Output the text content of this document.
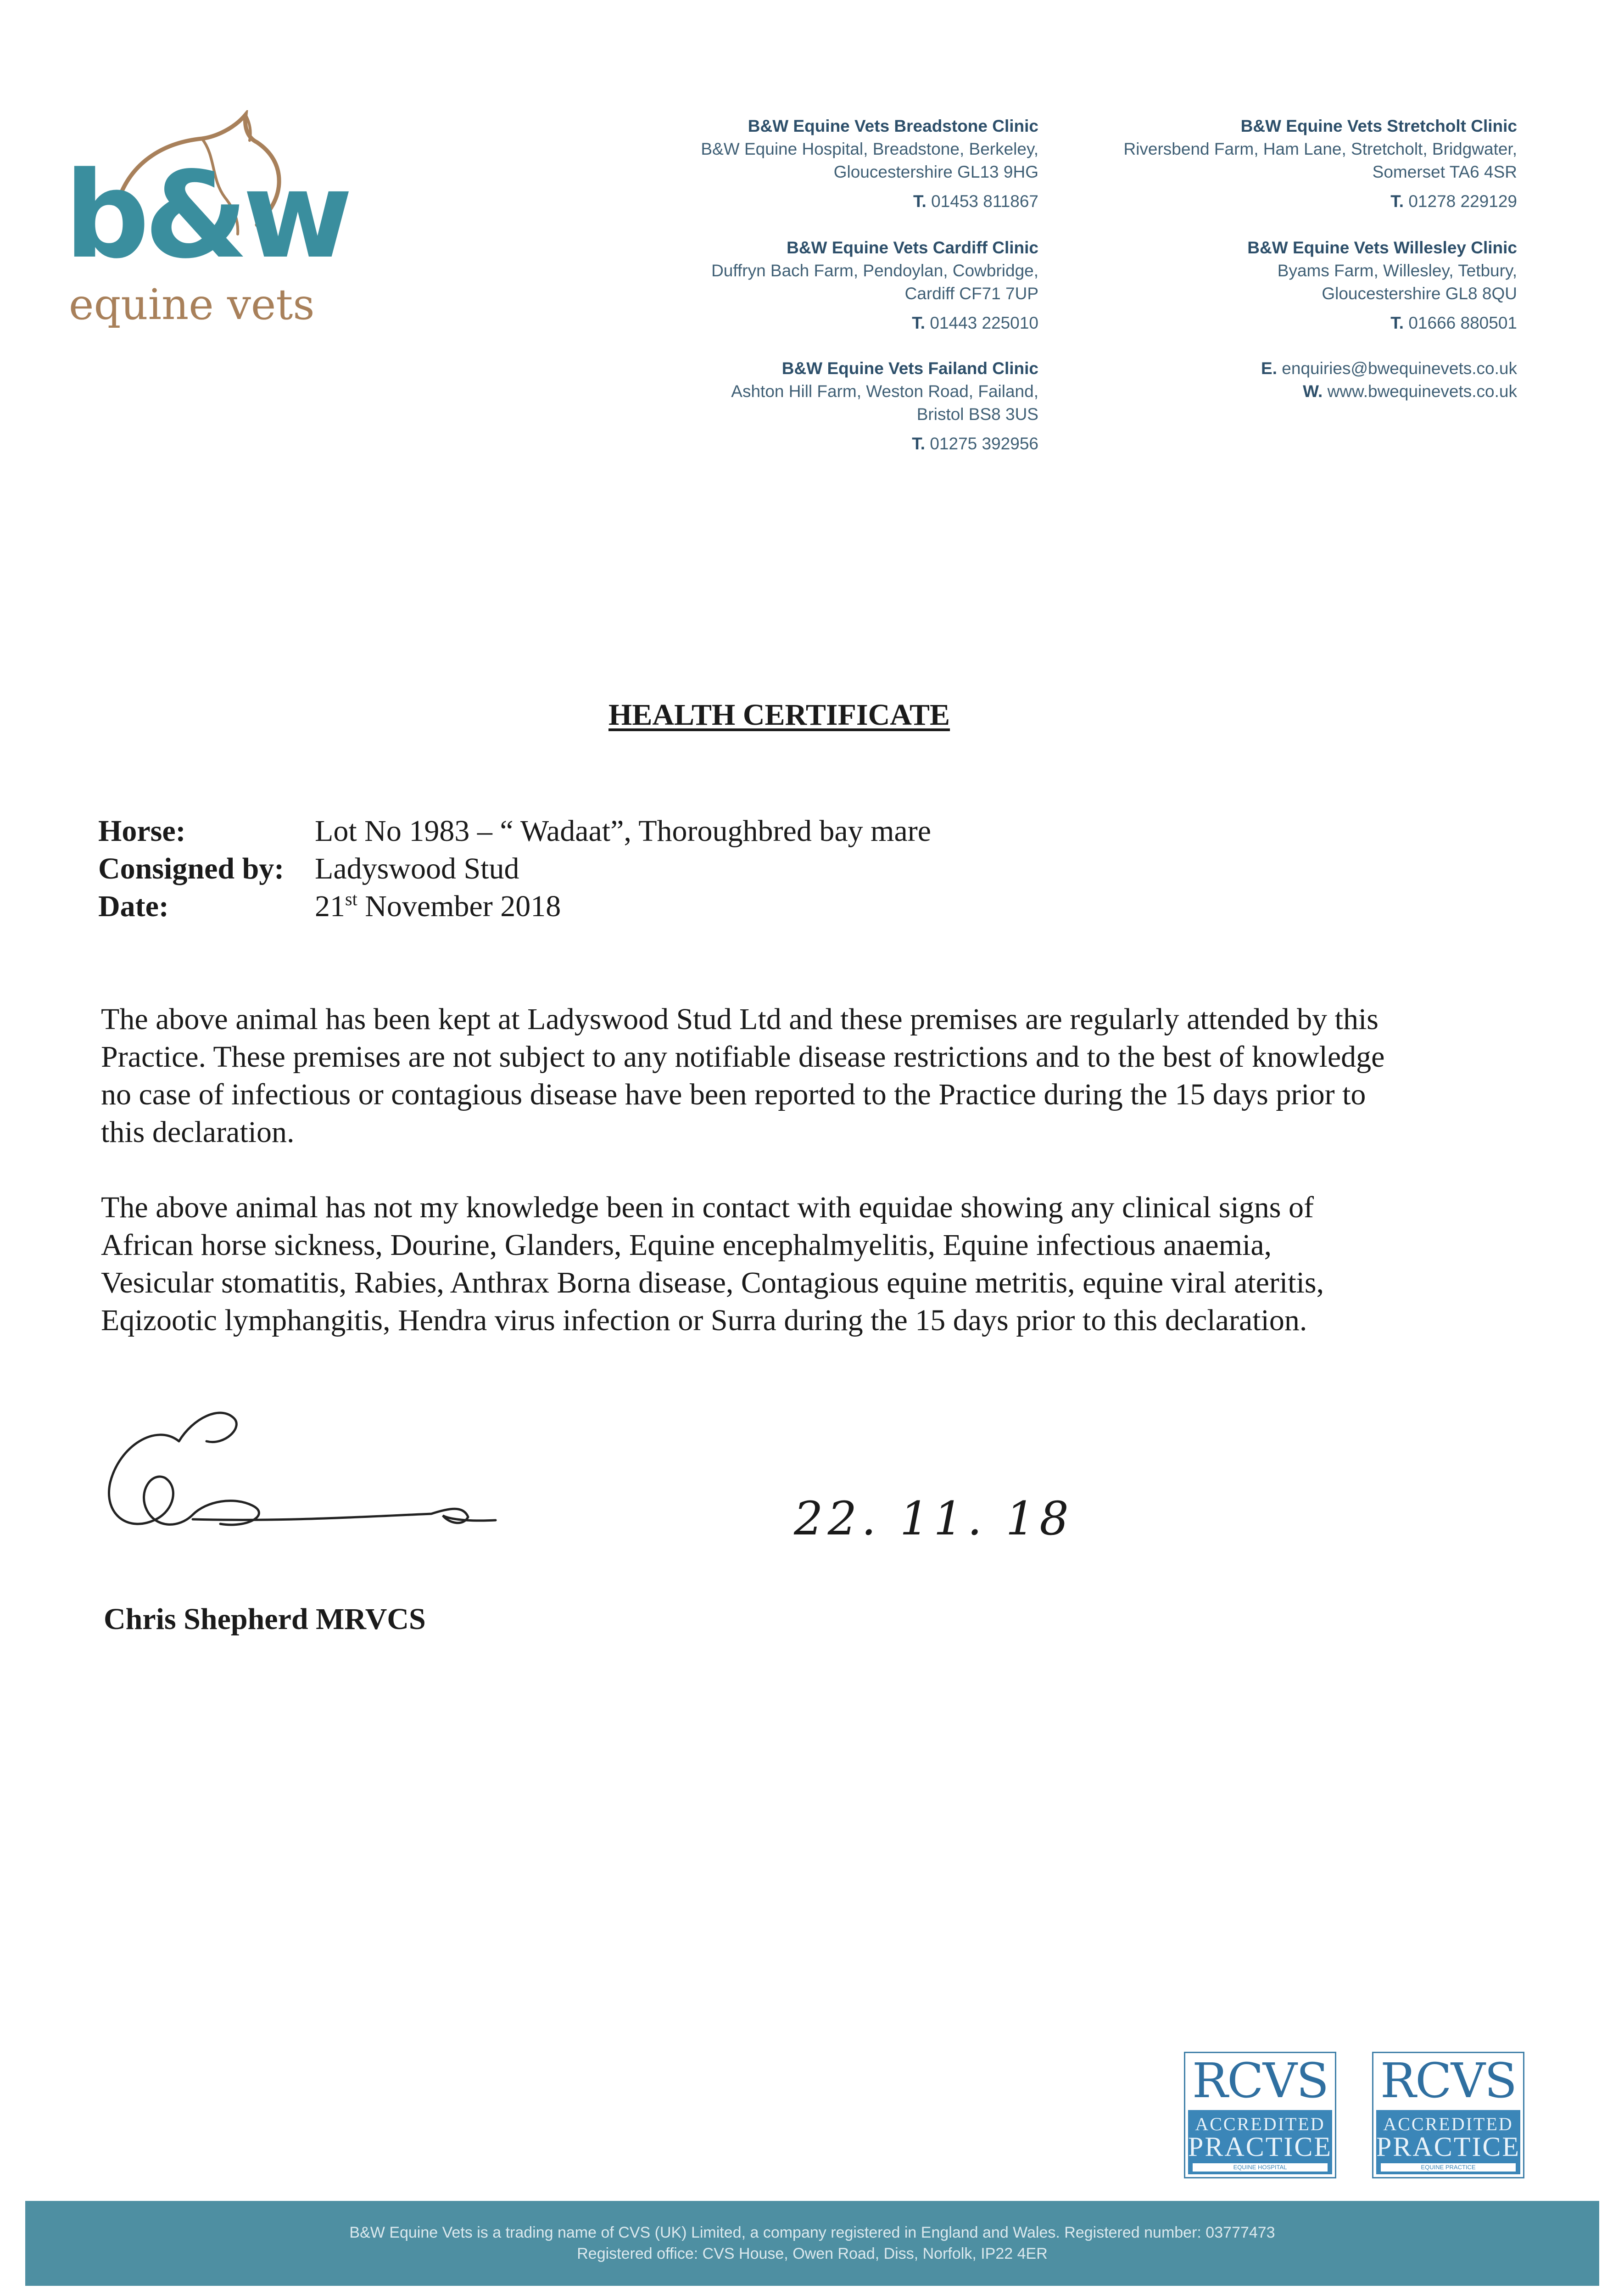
b&w
equine vets
B&W Equine Vets Breadstone Clinic
B&W Equine Hospital, Breadstone, Berkeley,
Gloucestershire GL13 9HG
T. 01453 811867
B&W Equine Vets Cardiff Clinic
Duffryn Bach Farm, Pendoylan, Cowbridge,
Cardiff CF71 7UP
T. 01443 225010
B&W Equine Vets Failand Clinic
Ashton Hill Farm, Weston Road, Failand,
Bristol BS8 3US
T. 01275 392956
B&W Equine Vets Stretcholt Clinic
Riversbend Farm, Ham Lane, Stretcholt, Bridgwater,
Somerset TA6 4SR
T. 01278 229129
B&W Equine Vets Willesley Clinic
Byams Farm, Willesley, Tetbury,
Gloucestershire GL8 8QU
T. 01666 880501
E. enquiries@bwequinevets.co.uk
W. www.bwequinevets.co.uk
HEALTH CERTIFICATE
Horse:	Lot No 1983 – “ Wadaat”, Thoroughbred bay mare
Consigned by: Ladyswood Stud
Date:	21st November 2018
The above animal has been kept at Ladyswood Stud Ltd and these premises are regularly attended by this
Practice. These premises are not subject to any notifiable disease restrictions and to the best of knowledge
no case of infectious or contagious disease have been reported to the Practice during the 15 days prior to
this declaration.
The above animal has not my knowledge been in contact with equidae showing any clinical signs of
African horse sickness, Dourine, Glanders, Equine encephalmyelitis, Equine infectious anaemia,
Vesicular stomatitis, Rabies, Anthrax Borna disease, Contagious equine metritis, equine viral ateritis,
Eqizootic lymphangitis, Hendra virus infection or Surra during the 15 days prior to this declaration.
22. 11. 18
Chris Shepherd MRVCS
RCVS
ACCREDITED
PRACTICE
EQUINE HOSPITAL
RCVS
ACCREDITED
PRACTICE
EQUINE PRACTICE
B&W Equine Vets is a trading name of CVS (UK) Limited, a company registered in England and Wales. Registered number: 03777473
Registered office: CVS House, Owen Road, Diss, Norfolk, IP22 4ER
